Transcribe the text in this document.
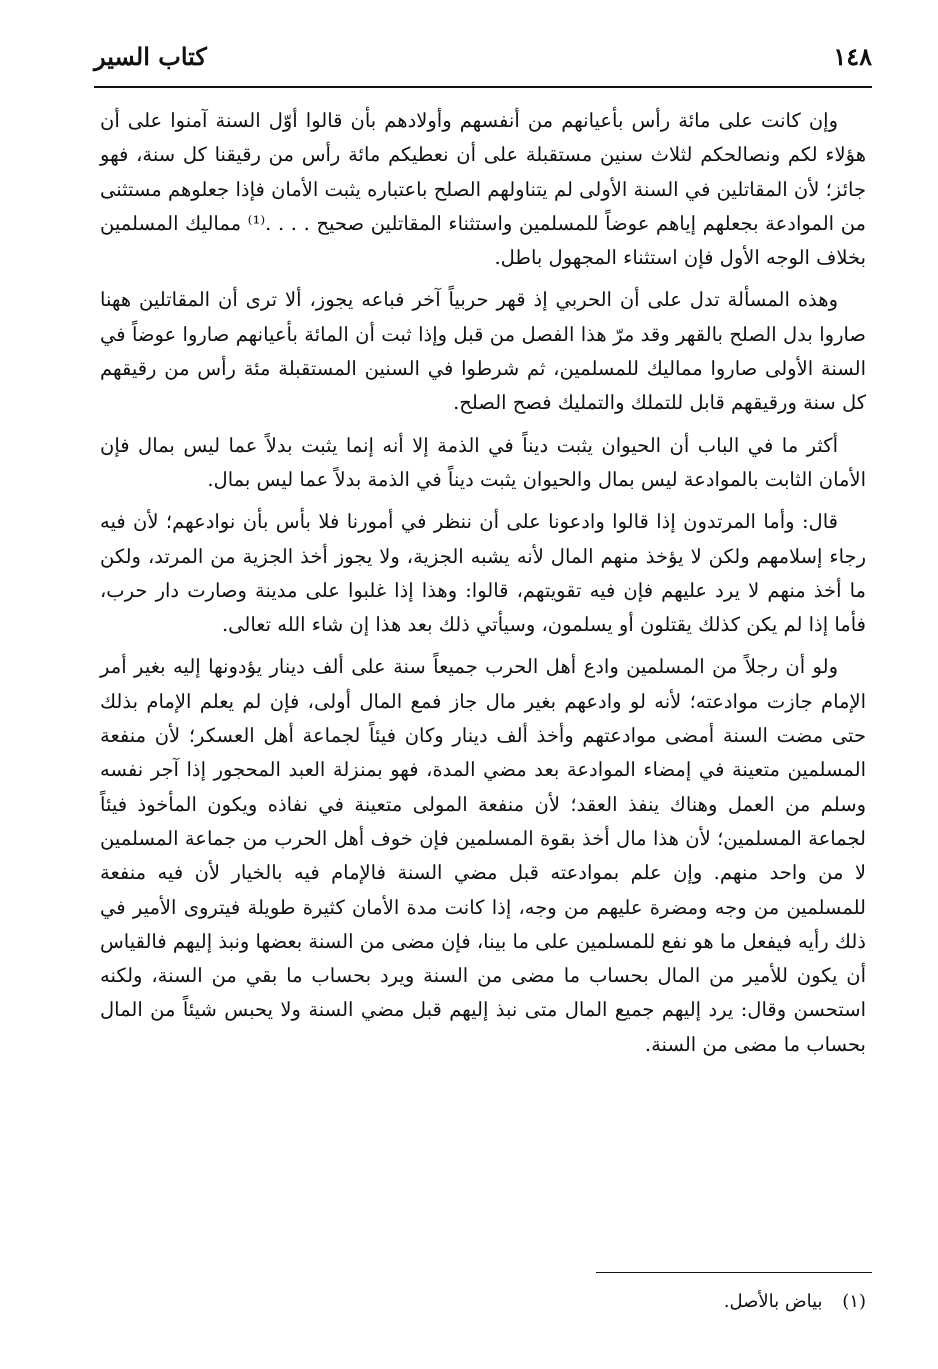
١٤٨
كتاب السير

وإن كانت على مائة رأس بأعيانهم من أنفسهم وأولادهم بأن قالوا أوّل السنة آمنوا على أن هؤلاء لكم ونصالحكم لثلاث سنين مستقبلة على أن نعطيكم مائة رأس من رقيقنا كل سنة، فهو جائز؛ لأن المقاتلين في السنة الأولى لم يتناولهم الصلح باعتباره يثبت الأمان فإذا جعلوهم مستثنى من الموادعة بجعلهم إياهم عوضاً للمسلمين واستثناء المقاتلين صحيح . . . .⁽¹⁾ مماليك المسلمين بخلاف الوجه الأول فإن استثناء المجهول باطل.

وهذه المسألة تدل على أن الحربي إذ قهر حربياً آخر فباعه يجوز، ألا ترى أن المقاتلين ههنا صاروا بدل الصلح بالقهر وقد مرّ هذا الفصل من قبل وإذا ثبت أن المائة بأعيانهم صاروا عوضاً في السنة الأولى صاروا مماليك للمسلمين، ثم شرطوا في السنين المستقبلة مئة رأس من رقيقهم كل سنة ورقيقهم قابل للتملك والتمليك فصح الصلح.

أكثر ما في الباب أن الحيوان يثبت ديناً في الذمة إلا أنه إنما يثبت بدلاً عما ليس بمال فإن الأمان الثابت بالموادعة ليس بمال والحيوان يثبت ديناً في الذمة بدلاً عما ليس بمال.

قال: وأما المرتدون إذا قالوا وادعونا على أن ننظر في أمورنا فلا بأس بأن نوادعهم؛ لأن فيه رجاء إسلامهم ولكن لا يؤخذ منهم المال لأنه يشبه الجزية، ولا يجوز أخذ الجزية من المرتد، ولكن ما أخذ منهم لا يرد عليهم فإن فيه تقويتهم، قالوا: وهذا إذا غلبوا على مدينة وصارت دار حرب، فأما إذا لم يكن كذلك يقتلون أو يسلمون، وسيأتي ذلك بعد هذا إن شاء الله تعالى.

ولو أن رجلاً من المسلمين وادع أهل الحرب جميعاً سنة على ألف دينار يؤدونها إليه بغير أمر الإمام جازت موادعته؛ لأنه لو وادعهم بغير مال جاز فمع المال أولى، فإن لم يعلم الإمام بذلك حتى مضت السنة أمضى موادعتهم وأخذ ألف دينار وكان فيئاً لجماعة أهل العسكر؛ لأن منفعة المسلمين متعينة في إمضاء الموادعة بعد مضي المدة، فهو بمنزلة العبد المحجور إذا آجر نفسه وسلم من العمل وهناك ينفذ العقد؛ لأن منفعة المولى متعينة في نفاذه ويكون المأخوذ فيئاً لجماعة المسلمين؛ لأن هذا مال أخذ بقوة المسلمين فإن خوف أهل الحرب من جماعة المسلمين لا من واحد منهم. وإن علم بموادعته قبل مضي السنة فالإمام فيه بالخيار لأن فيه منفعة للمسلمين من وجه ومضرة عليهم من وجه، إذا كانت مدة الأمان كثيرة طويلة فيتروى الأمير في ذلك رأيه فيفعل ما هو نفع للمسلمين على ما بينا، فإن مضى من السنة بعضها ونبذ إليهم فالقياس أن يكون للأمير من المال بحساب ما مضى من السنة ويرد بحساب ما بقي من السنة، ولكنه استحسن وقال: يرد إليهم جميع المال متى نبذ إليهم قبل مضي السنة ولا يحبس شيئاً من المال بحساب ما مضى من السنة.

(١) بياض بالأصل.
